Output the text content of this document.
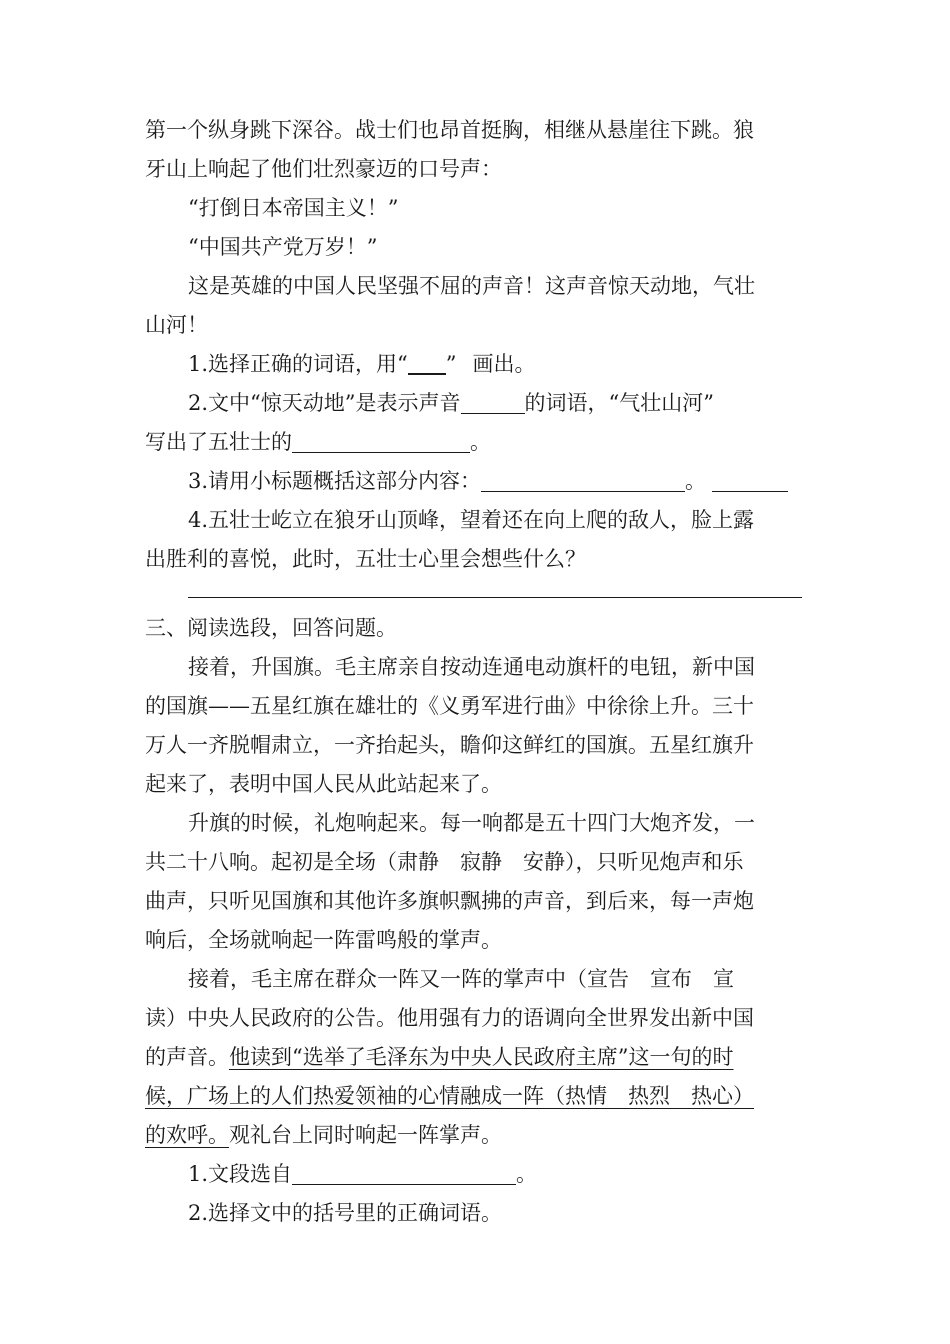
第一个纵身跳下深谷。战士们也昂首挺胸，相继从悬崖往下跳。狼
牙山上响起了他们壮烈豪迈的口号声：
“打倒日本帝国主义！”
“中国共产党万岁！”
这是英雄的中国人民坚强不屈的声音！这声音惊天动地，气壮
山河！
1.选择正确的词语，用“ ” 画出。
2.文中“惊天动地”是表示声音	的词语，“气壮山河”
写出了五壮士的	。
3.请用小标题概括这部分内容：	。
4.五壮士屹立在狼牙山顶峰，望着还在向上爬的敌人，脸上露
出胜利的喜悦，此时，五壮士心里会想些什么？
三、阅读选段，回答问题。
接着，升国旗。毛主席亲自按动连通电动旗杆的电钮，新中国
的国旗——五星红旗在雄壮的《义勇军进行曲》中徐徐上升。三十
万人一齐脱帽肃立，一齐抬起头，瞻仰这鲜红的国旗。五星红旗升
起来了，表明中国人民从此站起来了。
升旗的时候，礼炮响起来。每一响都是五十四门大炮齐发，一
共二十八响。起初是全场（肃静　寂静　安静），只听见炮声和乐
曲声，只听见国旗和其他许多旗帜飘拂的声音，到后来，每一声炮
响后，全场就响起一阵雷鸣般的掌声。
接着，毛主席在群众一阵又一阵的掌声中（宣告　宣布　宣
读）中央人民政府的公告。他用强有力的语调向全世界发出新中国
的声音。他读到“选举了毛泽东为中央人民政府主席”这一句的时
候，广场上的人们热爱领袖的心情融成一阵（热情　热烈　热心）
的欢呼。观礼台上同时响起一阵掌声。
1.文段选自	。
2.选择文中的括号里的正确词语。
